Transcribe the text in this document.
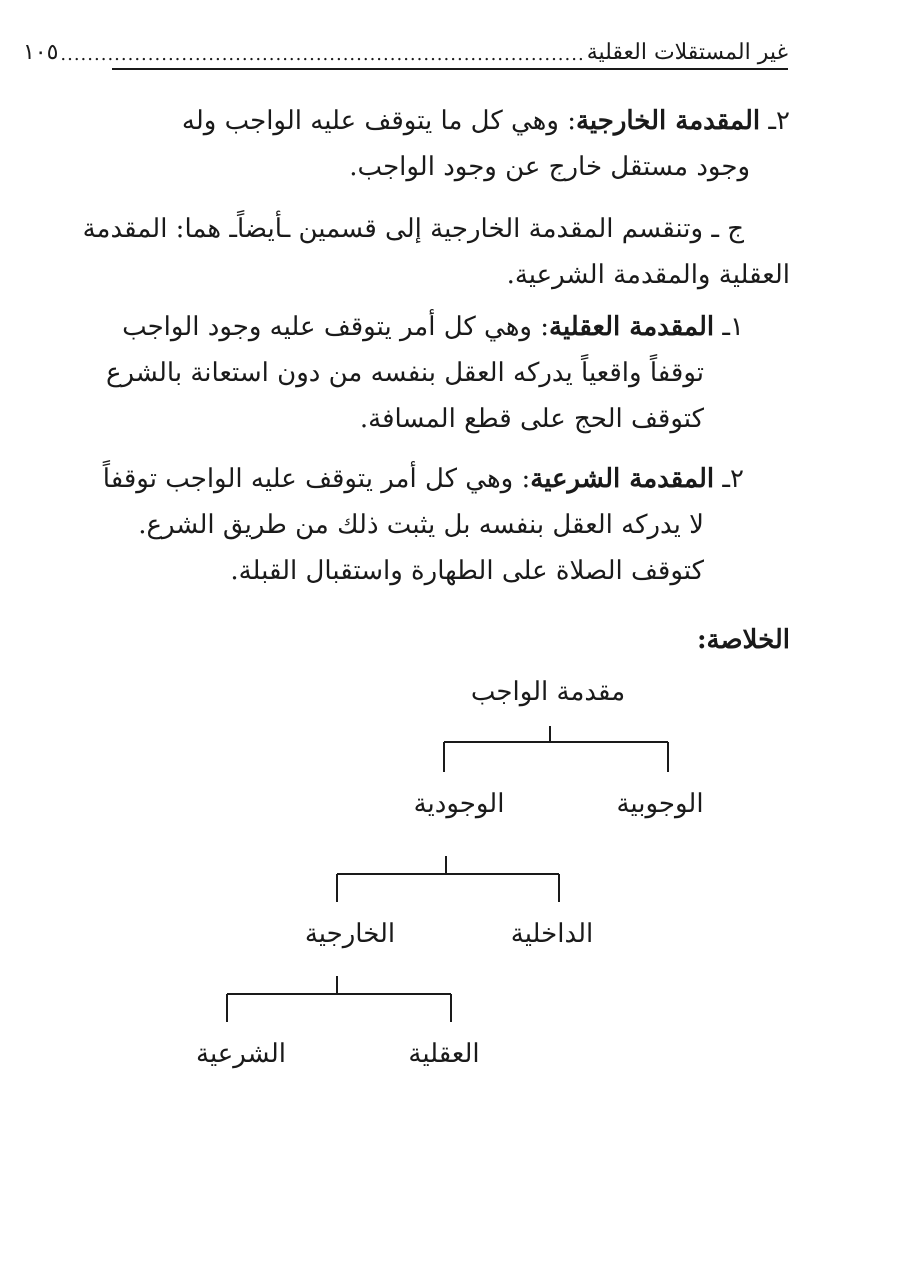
غير المستقلات العقلية
..............................................................................
١٠٥

٢ـ المقدمة الخارجية: وهي كل ما يتوقف عليه الواجب وله
وجود مستقل خارج عن وجود الواجب.

ج ـ وتنقسم المقدمة الخارجية إلى قسمين ـأيضاًـ هما: المقدمة

العقلية والمقدمة الشرعية.

١ـ المقدمة العقلية: وهي كل أمر يتوقف عليه وجود الواجب
توقفاً واقعياً يدركه العقل بنفسه من دون استعانة بالشرع
كتوقف الحج على قطع المسافة.

٢ـ المقدمة الشرعية: وهي كل أمر يتوقف عليه الواجب توقفاً
لا يدركه العقل بنفسه بل يثبت ذلك من طريق الشرع.
كتوقف الصلاة على الطهارة واستقبال القبلة.

الخلاصة:
مقدمة الواجب
الوجوبية
الوجودية
الداخلية
الخارجية
العقلية
الشرعية
